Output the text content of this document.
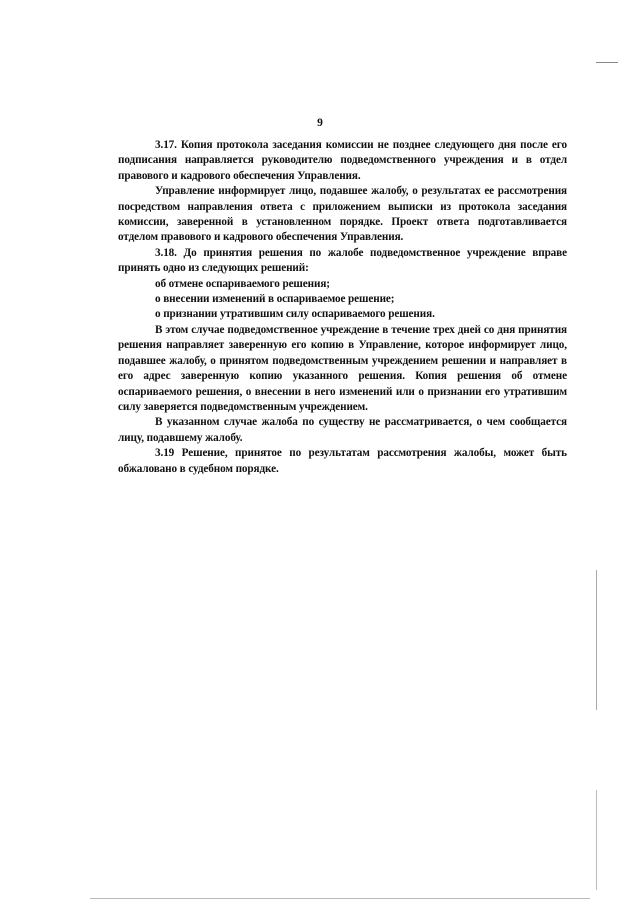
9

3.17. Копия протокола заседания комиссии не позднее следующего дня после его подписания направляется руководителю подведомственного учреждения и в отдел правового и кадрового обеспечения Управления.

Управление информирует лицо, подавшее жалобу, о результатах ее рассмотрения посредством направления ответа с приложением выписки из протокола заседания комиссии, заверенной в установленном порядке. Проект ответа подготавливается отделом правового и кадрового обеспечения Управления.

3.18. До принятия решения по жалобе подведомственное учреждение вправе принять одно из следующих решений:

об отмене оспариваемого решения;

о внесении изменений в оспариваемое решение;

о признании утратившим силу оспариваемого решения.

В этом случае подведомственное учреждение в течение трех дней со дня принятия решения направляет заверенную его копию в Управление, которое информирует лицо, подавшее жалобу, о принятом подведомственным учреждением решении и направляет в его адрес заверенную копию указанного решения. Копия решения об отмене оспариваемого решения, о внесении в него изменений или о признании его утратившим силу заверяется подведомственным учреждением.

В указанном случае жалоба по существу не рассматривается, о чем сообщается лицу, подавшему жалобу.

3.19 Решение, принятое по результатам рассмотрения жалобы, может быть обжаловано в судебном порядке.
